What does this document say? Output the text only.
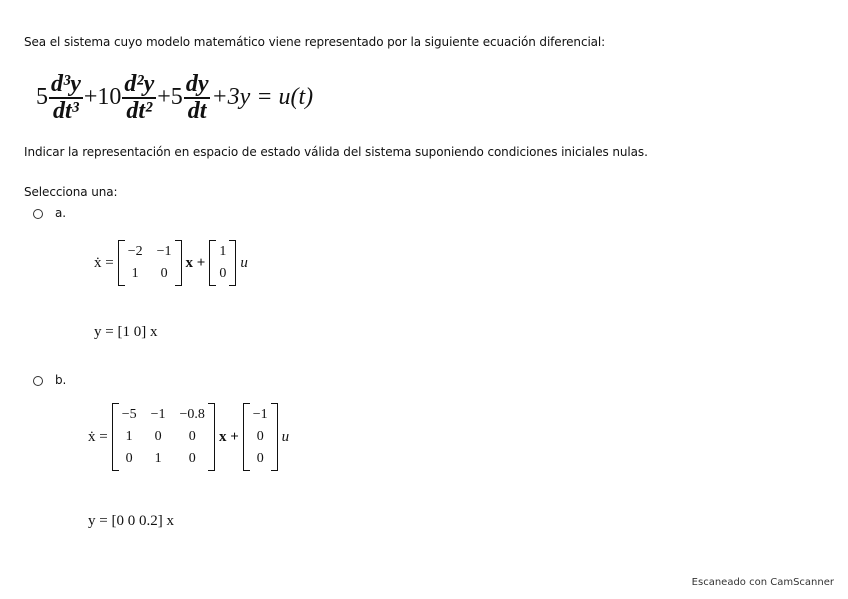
Sea el sistema cuyo modelo matemático viene representado por la siguiente ecuación diferencial:
$5 \frac{\text{d³y}}{\text{dt³}} +10 \frac{\text{d²y}}{\text{dt²}} +5 \frac{dy}{dt} +3y = u(t)$
Indicar la representación en espacio de estado válida del sistema suponiendo condiciones iniciales nulas.
Selecciona una:
a.
ẋ =
−2 −1
1 0
x +
1
0
u
y = [1 0] x
b.
ẋ =
−5 −1 −0.8
1 0 0
0 1 0
x +
−1
0
0
u
y = [0 0 0.2] x
Escaneado con CamScanner
